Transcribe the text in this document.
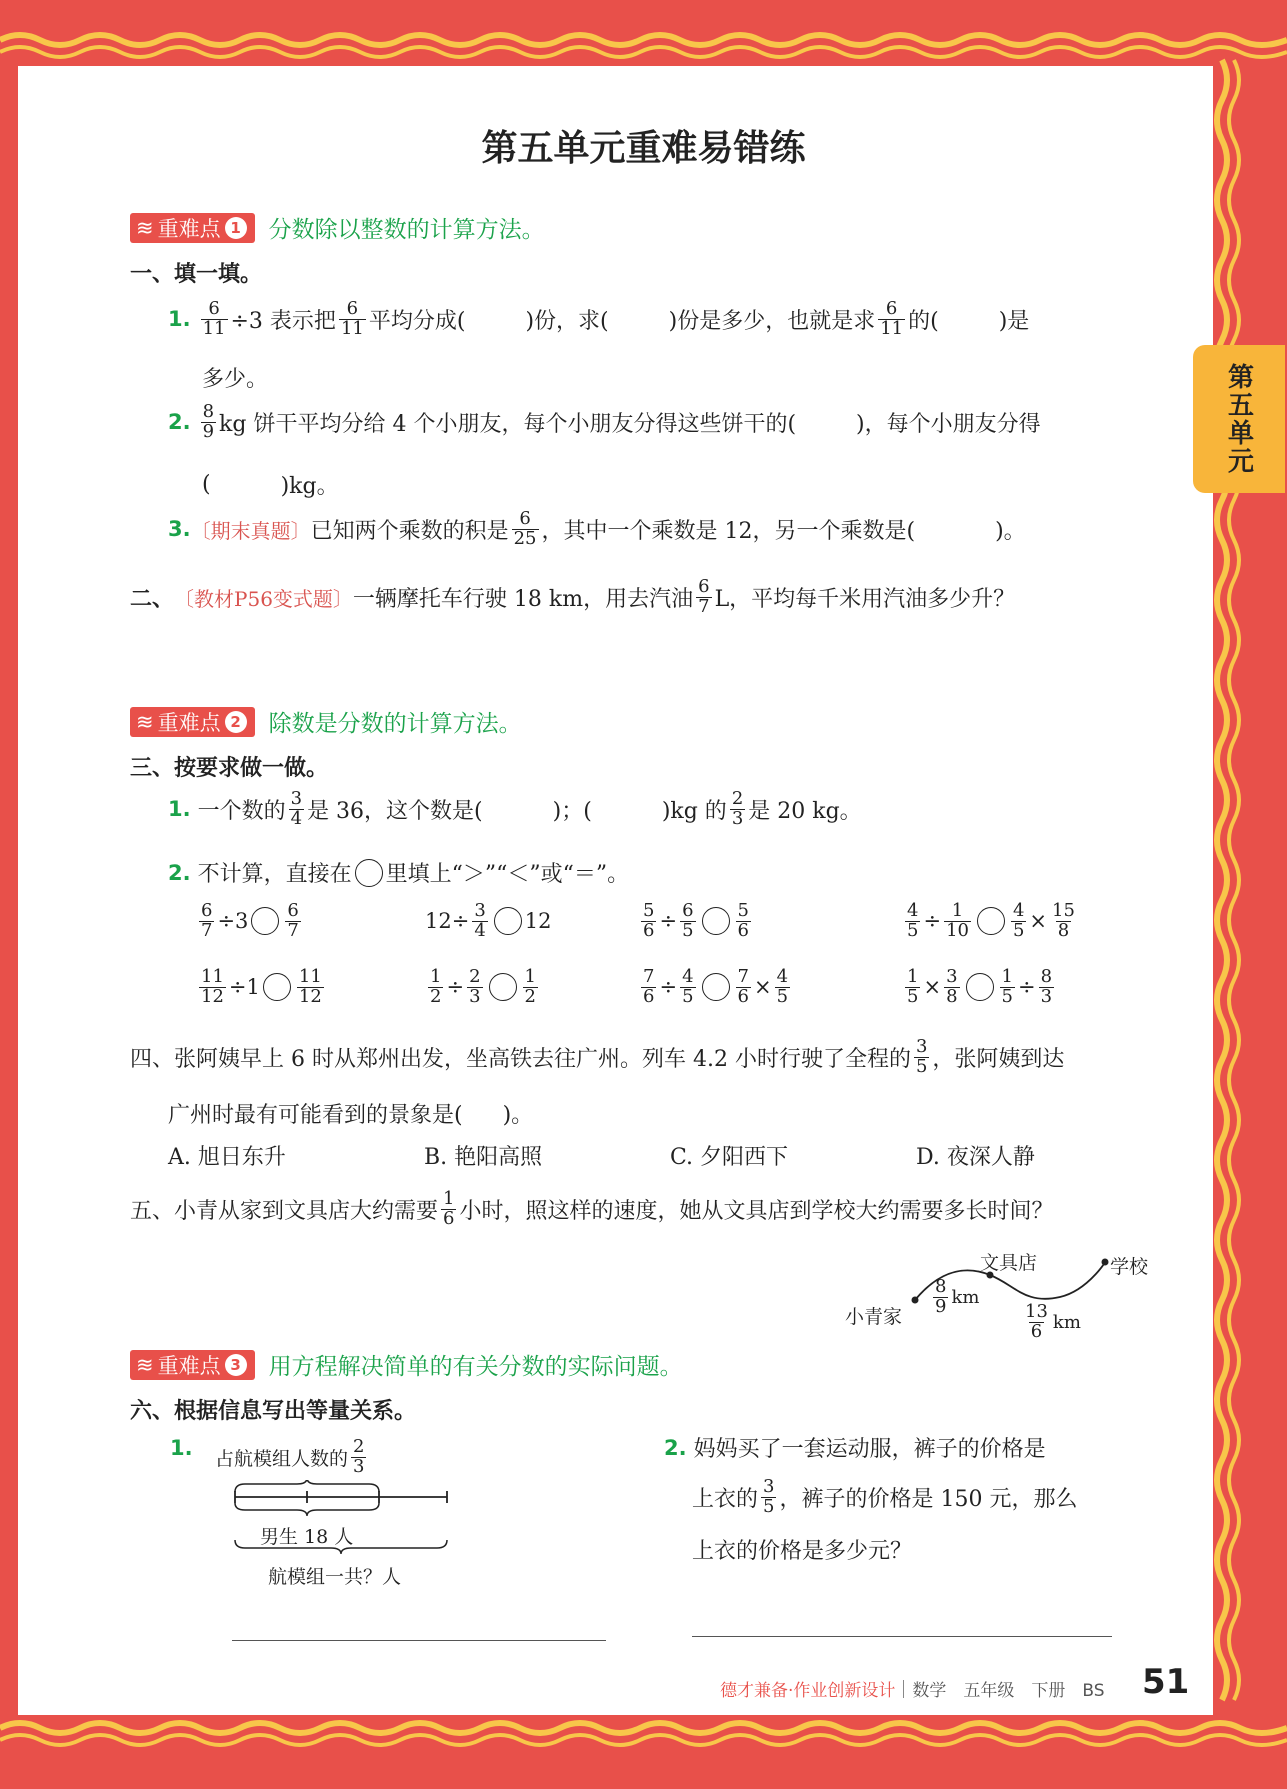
第五单元
第五单元重难易错练
≋ 重难点 1 分数除以整数的计算方法。
一、填一填。
1.
$\frac{6}{11} \div 3$ 表示把 $\frac{6}{11}$ 平均分成(	)份，求(	)份是多少，也就是求 $\frac{6}{11}$ 的(	)是
多少。
2.
$\frac{8}{9}$ kg 饼干平均分给 4 个小朋友，每个小朋友分得这些饼干的(	)，每个小朋友分得
(	)kg。
3. 〔期末真题〕 已知两个乘数的积是 $\frac{6}{25}$ ，其中一个乘数是 12，另一个乘数是(	)。
二、 〔教材P56变式题〕 一辆摩托车行驶 18 km，用去汽油 $\frac{6}{7}$ L，平均每千米用汽油多少升？
≋ 重难点 2 除数是分数的计算方法。
三、按要求做一做。
1.
一个数的 $\frac{3}{4}$ 是 36，这个数是(	)；(	)kg 的 $\frac{2}{3}$ 是 20 kg。
2.
不计算，直接在 里填上“＞”“＜”或“＝”。
$\frac{6}{7} \div 3 \frac{6}{7}$	$12\div \frac{3}{4} 12$	$\frac{5}{6} \div \frac{6}{5} \frac{5}{6}$	$\frac{4}{5} \div \frac{1}{10} \frac{4}{5} \times \frac{15}{8}$
$\frac{11}{12} \div 1 \frac{11}{12}$	$\frac{1}{2} \div \frac{2}{3} \frac{1}{2}$	$\frac{7}{6} \div \frac{4}{5} \frac{7}{6} \times \frac{4}{5}$	$\frac{1}{5} \times \frac{3}{8} \frac{1}{5} \div \frac{8}{3}$
四、张阿姨早上 6 时从郑州出发，坐高铁去往广州。列车 4.2 小时行驶了全程的 $\frac{3}{5}$ ，张阿姨到达
广州时最有可能看到的景象是( )。
A. 旭日东升	B. 艳阳高照	C. 夕阳西下	D. 夜深人静
五、小青从家到文具店大约需要 $\frac{1}{6}$ 小时，照这样的速度，她从文具店到学校大约需要多长时间？
小青家
文具店	学校
$\frac{8}{9}$ km
$\frac{13}{6}$ km
≋ 重难点 3 用方程解决简单的有关分数的实际问题。
六、根据信息写出等量关系。
1. 占航模组人数的 $\frac{2}{3}$
男生 18 人
航模组一共？人
2.
妈妈买了一套运动服，裤子的价格是
上衣的 $\frac{3}{5}$ ，裤子的价格是 150 元，那么
上衣的价格是多少元？
德才兼备·作业创新设计 数学　五年级　下册　BS 51
